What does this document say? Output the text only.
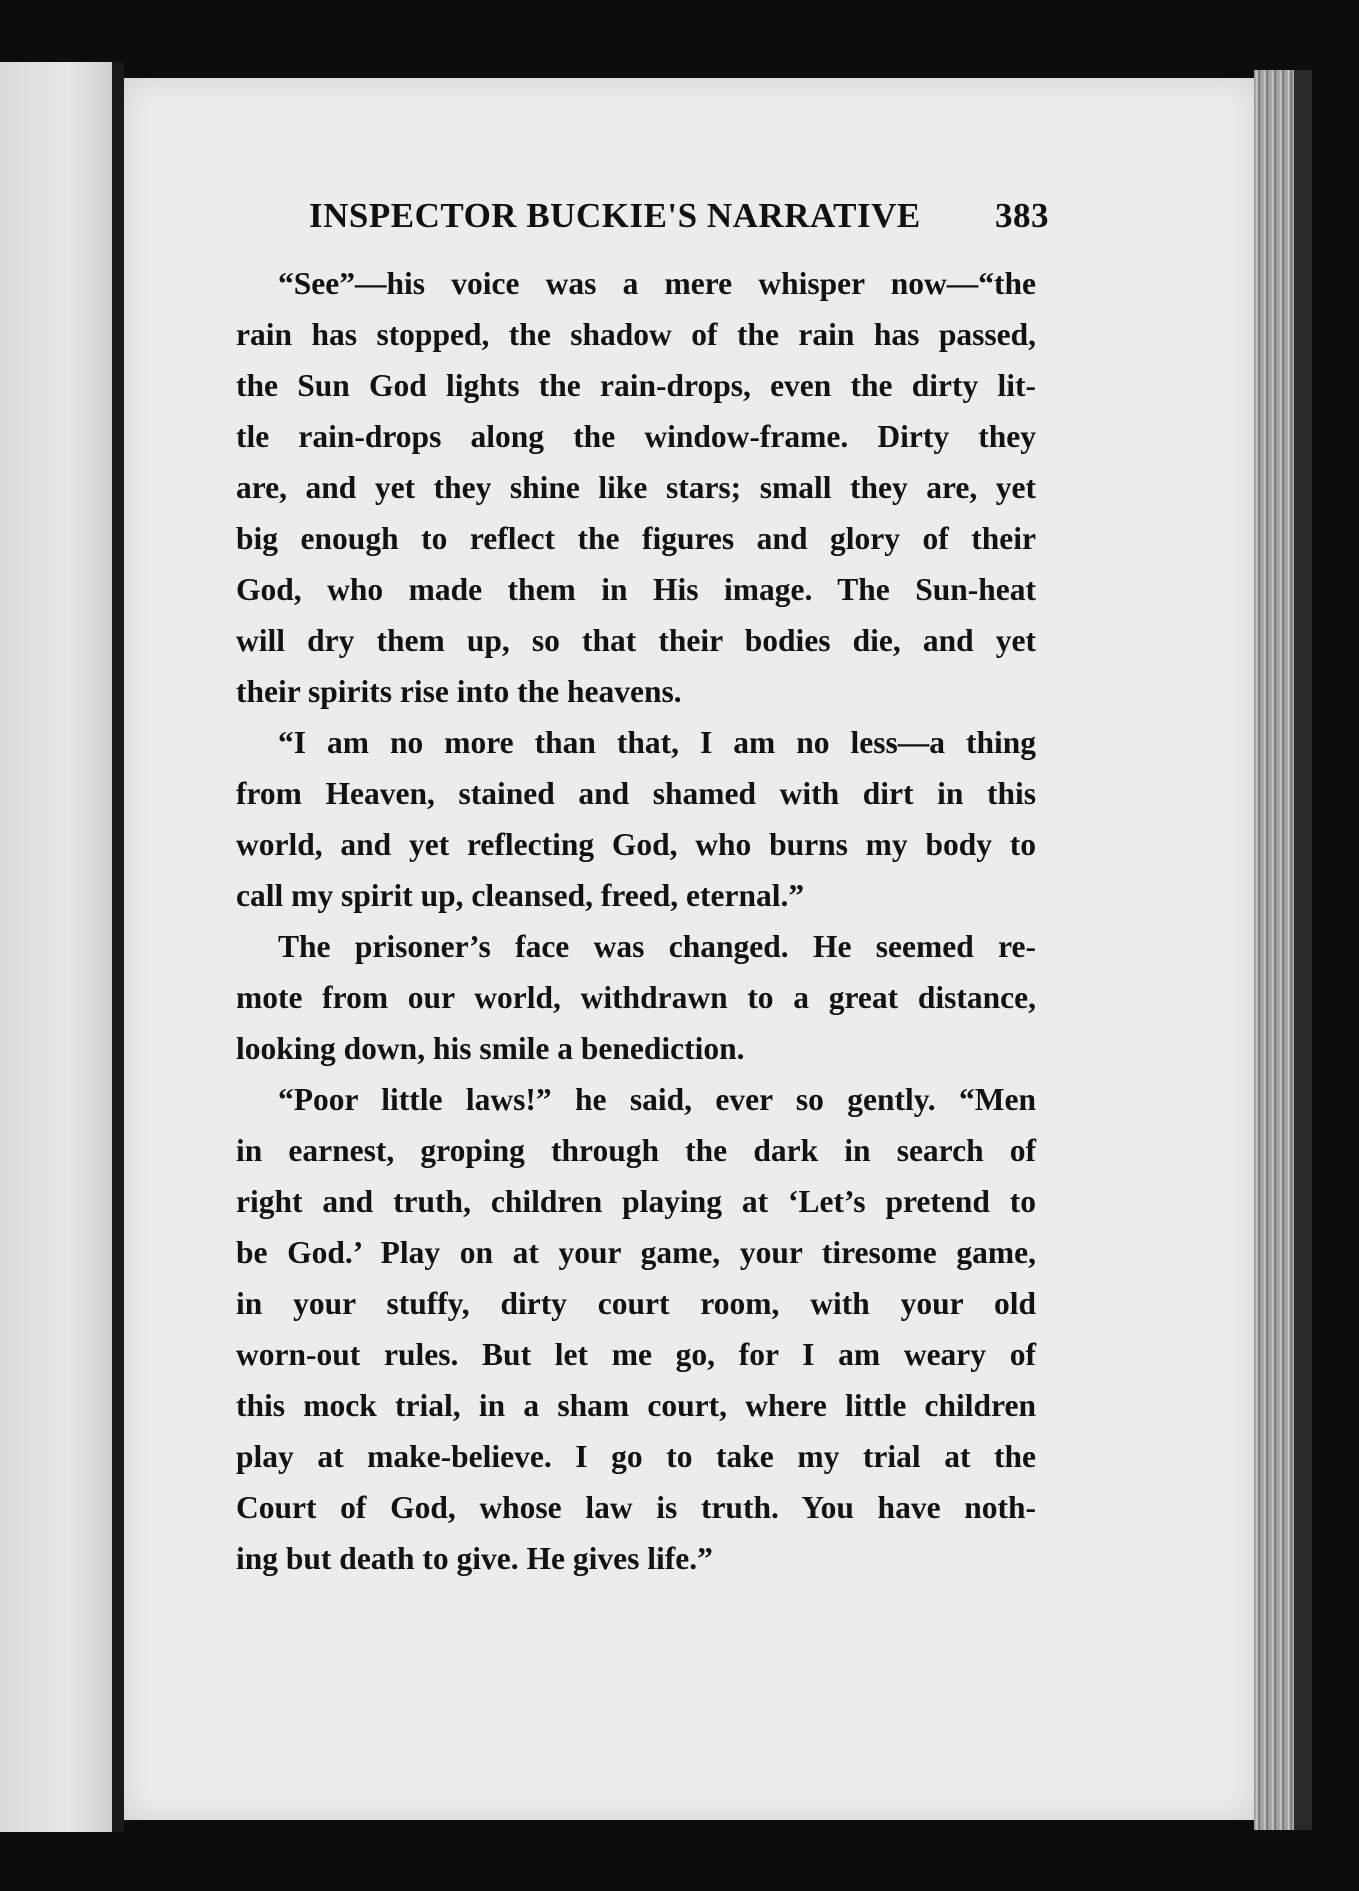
INSPECTOR BUCKIE'S NARRATIVE 383
“See”—his voice was a mere whisper now—“the
rain has stopped, the shadow of the rain has passed,
the Sun God lights the rain-drops, even the dirty lit-
tle rain-drops along the window-frame. Dirty they
are, and yet they shine like stars; small they are, yet
big enough to reflect the figures and glory of their
God, who made them in His image. The Sun-heat
will dry them up, so that their bodies die, and yet
their spirits rise into the heavens.
“I am no more than that, I am no less—a thing
from Heaven, stained and shamed with dirt in this
world, and yet reflecting God, who burns my body to
call my spirit up, cleansed, freed, eternal.”
The prisoner’s face was changed. He seemed re-
mote from our world, withdrawn to a great distance,
looking down, his smile a benediction.
“Poor little laws!” he said, ever so gently. “Men
in earnest, groping through the dark in search of
right and truth, children playing at ‘Let’s pretend to
be God.’ Play on at your game, your tiresome game,
in your stuffy, dirty court room, with your old
worn-out rules. But let me go, for I am weary of
this mock trial, in a sham court, where little children
play at make-believe. I go to take my trial at the
Court of God, whose law is truth. You have noth-
ing but death to give. He gives life.”
